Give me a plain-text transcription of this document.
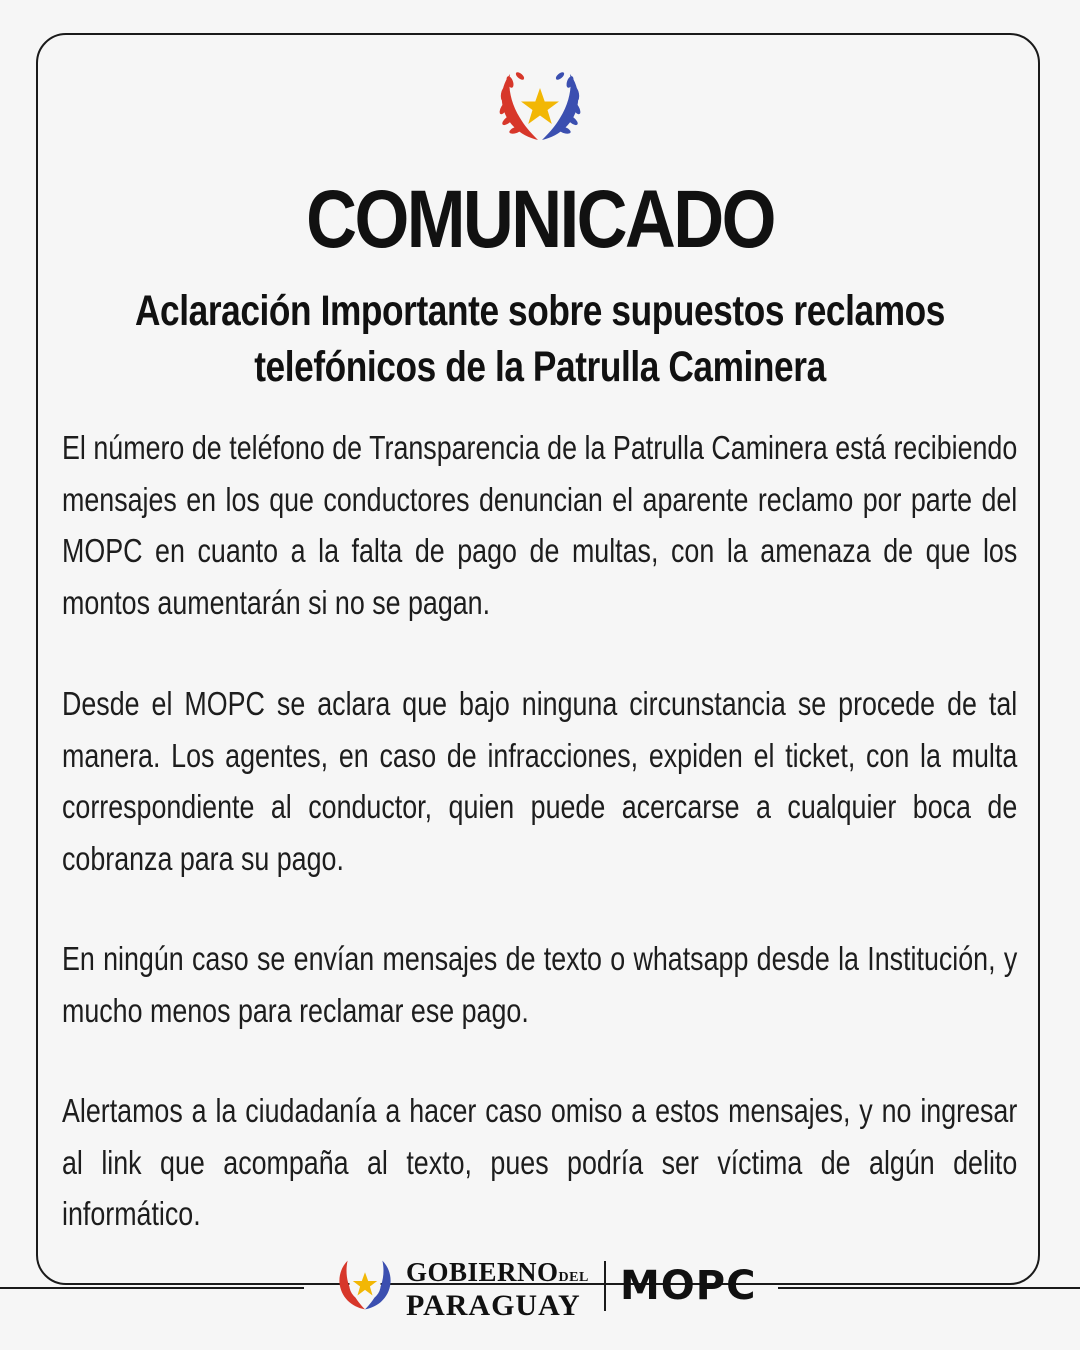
COMUNICADO
Aclaración Importante sobre supuestos reclamos
telefónicos de la Patrulla Caminera
El número de teléfono de Transparencia de la Patrulla Caminera está recibiendo mensajes en los que conductores denuncian el aparente reclamo por parte del MOPC en cuanto a la falta de pago de multas, con la amenaza de que los montos aumentarán si no se pagan.
Desde el MOPC se aclara que bajo ninguna circunstancia se procede de tal manera. Los agentes, en caso de infracciones, expiden el ticket, con la multa correspondiente al conductor, quien puede acercarse a cualquier boca de cobranza para su pago.
En ningún caso se envían mensajes de texto o whatsapp desde la Institución, y mucho menos para reclamar ese pago.
Alertamos a la ciudadanía a hacer caso omiso a estos mensajes, y no ingresar al link que acompaña al texto, pues podría ser víctima de algún delito informático.
GOBIERNODEL
PARAGUAY MOPC
